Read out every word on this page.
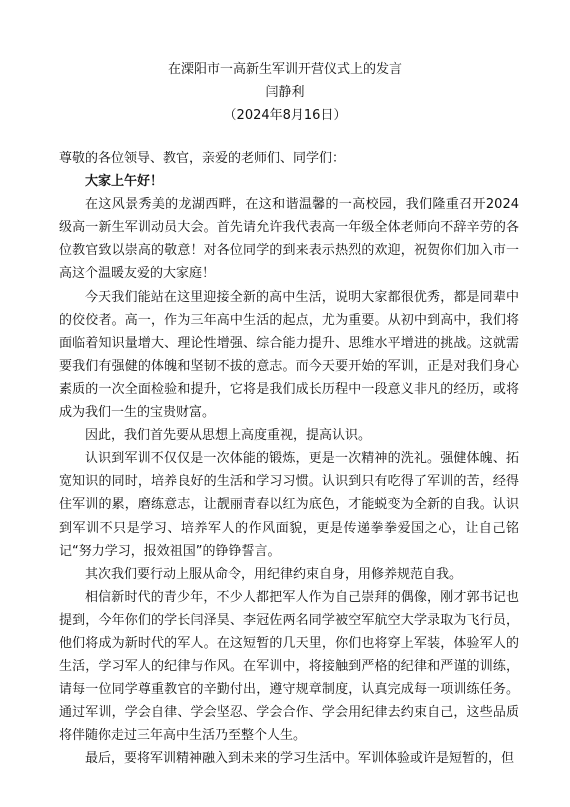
在溧阳市一高新生军训开营仪式上的发言
闫静利
（2024年8月16日）

尊敬的各位领导、教官，亲爱的老师们、同学们：

大家上午好！

在这风景秀美的龙湖西畔，在这和谐温馨的一高校园，我们隆重召开2024级高一新生军训动员大会。首先请允许我代表高一年级全体老师向不辞辛劳的各位教官致以崇高的敬意！对各位同学的到来表示热烈的欢迎，祝贺你们加入市一高这个温暖友爱的大家庭！

今天我们能站在这里迎接全新的高中生活，说明大家都很优秀，都是同辈中的佼佼者。高一，作为三年高中生活的起点，尤为重要。从初中到高中，我们将面临着知识量增大、理论性增强、综合能力提升、思维水平增进的挑战。这就需要我们有强健的体魄和坚韧不拔的意志。而今天要开始的军训，正是对我们身心素质的一次全面检验和提升，它将是我们成长历程中一段意义非凡的经历，或将成为我们一生的宝贵财富。

因此，我们首先要从思想上高度重视，提高认识。

认识到军训不仅仅是一次体能的锻炼，更是一次精神的洗礼。强健体魄、拓宽知识的同时，培养良好的生活和学习习惯。认识到只有吃得了军训的苦，经得住军训的累，磨练意志，让靓丽青春以红为底色，才能蜕变为全新的自我。认识到军训不只是学习、培养军人的作风面貌，更是传递拳拳爱国之心，让自己铭记“努力学习，报效祖国”的铮铮誓言。

其次我们要行动上服从命令，用纪律约束自身，用修养规范自我。

相信新时代的青少年，不少人都把军人作为自己崇拜的偶像，刚才郭书记也提到，今年你们的学长闫泽昊、李冠佐两名同学被空军航空大学录取为飞行员，他们将成为新时代的军人。在这短暂的几天里，你们也将穿上军装，体验军人的生活，学习军人的纪律与作风。在军训中，将接触到严格的纪律和严谨的训练，请每一位同学尊重教官的辛勤付出，遵守规章制度，认真完成每一项训练任务。通过军训，学会自律、学会坚忍、学会合作、学会用纪律去约束自己，这些品质将伴随你走过三年高中生活乃至整个人生。

最后，要将军训精神融入到未来的学习生活中。军训体验或许是短暂的，但
